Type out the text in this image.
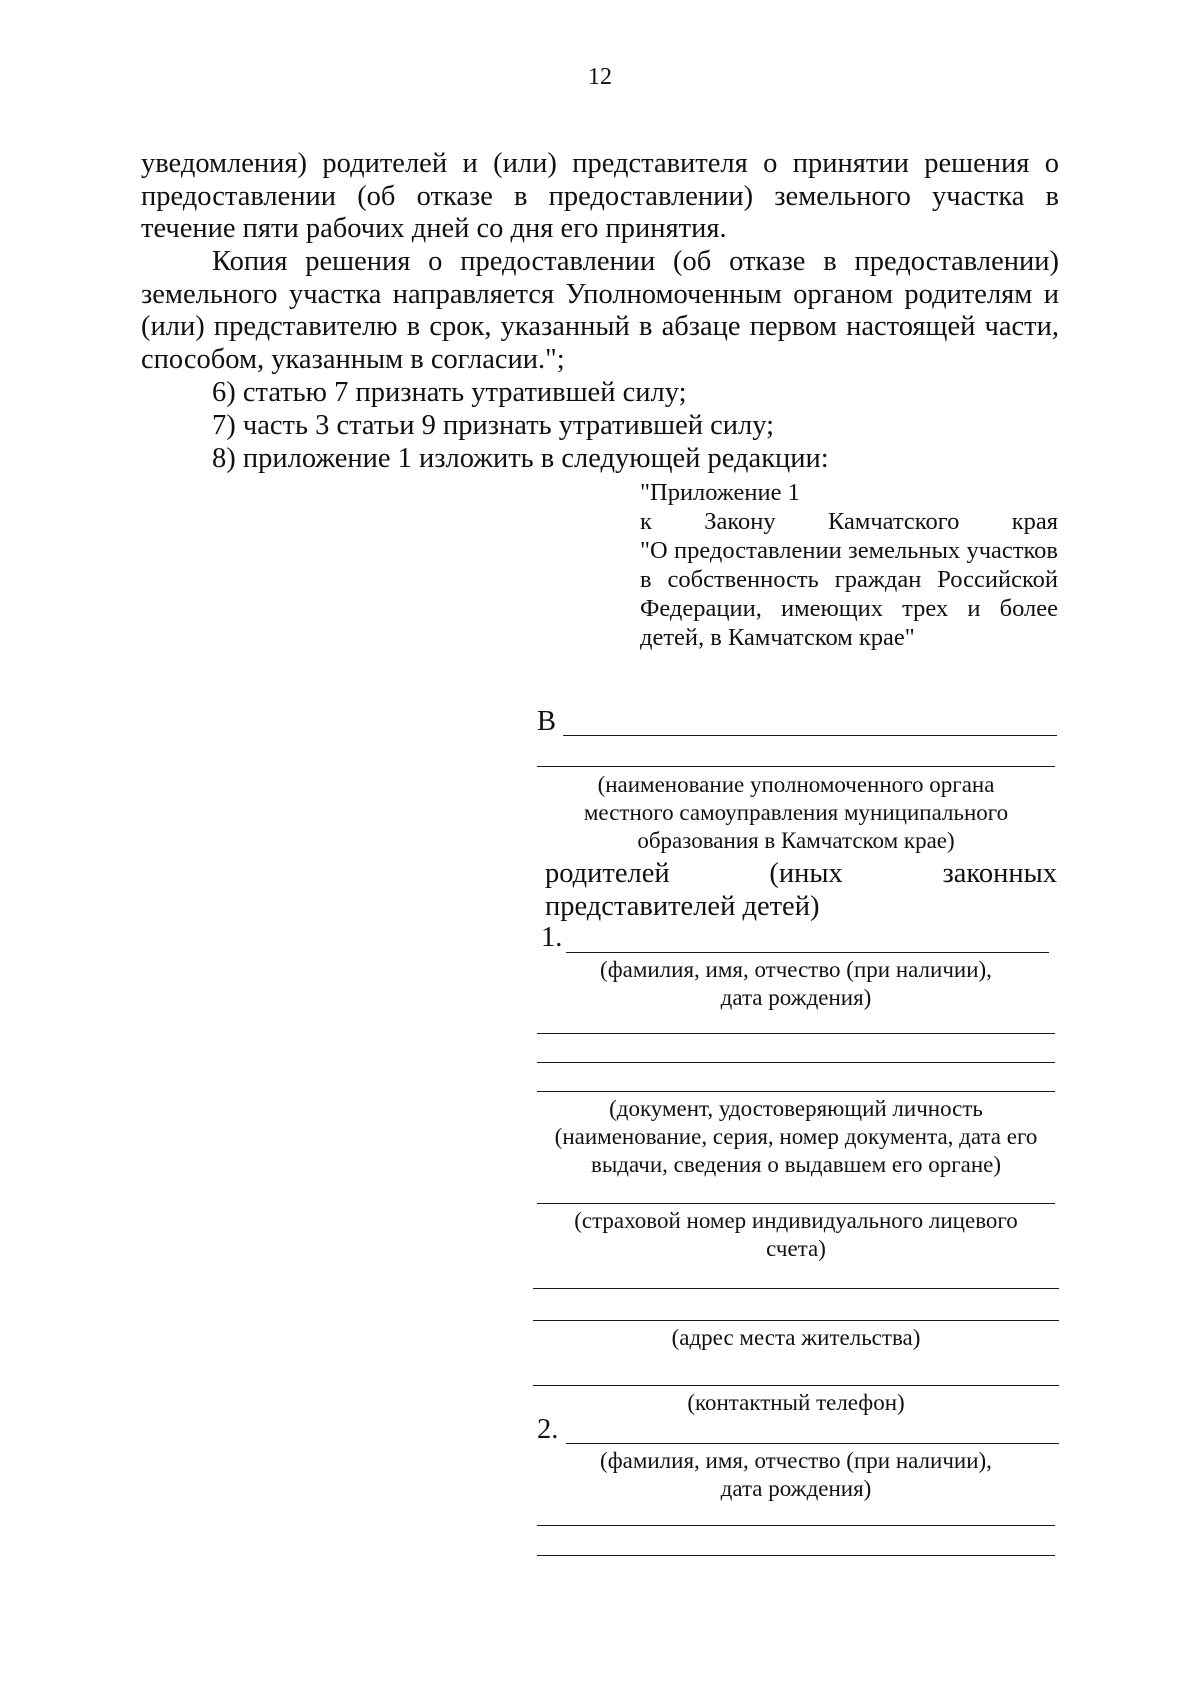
12
уведомления) родителей и (или) представителя о принятии решения о предоставлении (об отказе в предоставлении) земельного участка в течение пяти рабочих дней со дня его принятия.
Копия решения о предоставлении (об отказе в предоставлении) земельного участка направляется Уполномоченным органом родителям и (или) представителю в срок, указанный в абзаце первом настоящей части, способом, указанным в согласии.";
6) статью 7 признать утратившей силу;
7) часть 3 статьи 9 признать утратившей силу;
8) приложение 1 изложить в следующей редакции:
"Приложение 1
к Закону Камчатского края
"О предоставлении земельных участков в собственность граждан Российской Федерации, имеющих трех и более детей, в Камчатском крае"
В
(наименование уполномоченного органа
местного самоуправления муниципального
образования в Камчатском крае)
родителей	(иных	законных
представителей детей)
1.
(фамилия, имя, отчество (при наличии),
дата рождения)
(документ, удостоверяющий личность
(наименование, серия, номер документа, дата его
выдачи, сведения о выдавшем его органе)
(страховой номер индивидуального лицевого
счета)
(адрес места жительства)
(контактный телефон)
2.
(фамилия, имя, отчество (при наличии),
дата рождения)
